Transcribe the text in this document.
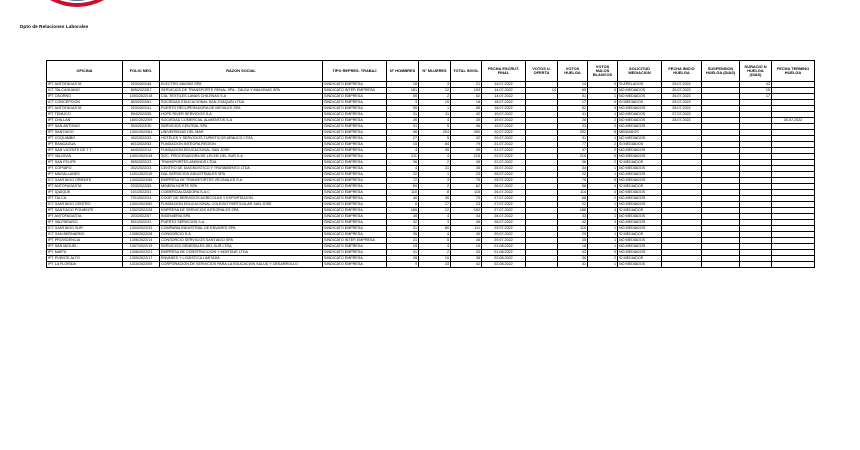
Dpto de Relaciones Laborales
OFICINA	FOLIO NEG.	RAZON SOCIAL	TIPO REPRES. TRABAJ	N° HOMBRES	N° MUJERES	TOTAL INVOL	FECHA ESCRUT. FINAL	VOTOS U. OFERTA	VOTOS HUELGA	VOTOS NULOS BLANCOS	SOLICITUD MEDIACION	FECHA INICIO HUELGA	SUSPENSION HUELGA (DIAS)	DURACIO N HUELGA (DIAS)	FECHA TERMINO HUELGA
IPT ANTOFAGASTA	203/2022/46	ELECTRO MAGNO SPA	SINDICATO EMPRESA	18	3	21	14.07.2022		14	0	SI APELADOS	25.07.2022		43	
ICT TALCAHUANO	805/2022/67	SERVICIOS DE TRANSPORTE RENAL SPA - ZALEA Y MALVINAS SPA	SINDICATO INTER EMPRESA	181	12	193	14.07.2022	10	65	0	NO MEDIADOS	25.07.2022		15	
IPT OSORNO	1003/2022/18	CIA. TEXTILES LANAS CHILENAS S.A	SINDICATO EMPRESA	50	2	52	14.07.2022		51	1	NO MEDIADOS	26.07.2022		17	
ICT CONCEPCION	803/2022/81	SOCIEDAD EDUCACIONAL SAN JOAQUIN LTDA	SINDICATO EMPRESA	3	15	18	18.07.2022		17	0	SI MEDIADOS	25.07.2022			
IPT ANTOFAGASTA	203/2022/41	PUERTO RECUPERADORA DE METALES SPA	SINDICATO EMPRESA	55	1	56	18.07.2022		52	4	NO MEDIADOS	28.07.2022			
IPT TEMUCO	904/2022/55	HOPE RIVER SERVICIOS S.A	SINDICATO EMPRESA	31	11	42	19.07.2022		41	1	NO MEDIADOS	27.07.2022			
IPT CHILLAN	1601/2022/09	SOCIEDAD COMERCIAL ALIMENTOS S.A	SINDICATO EMPRESA	26	4	30	19.07.2022		28	2	NO MEDIADOS	28.07.2022			30.07.2022
IPT SAN ANTONIO	503/2022/30	SERVICIOS CENTRAL SPA	SINDICATO EMPRESA	31	5	36	19.07.2022		33	3	NO MEDIADOS				
IPT SANTIAGO	1301/2022/61	UNIVERSIDAD DEL MAR	SINDICATO EMPRESA	96	204	300	20.07.2022		292	8	MEDIADOS				
IPT COQUIMBO	402/2022/33	HOTELES Y SERVICIOS TURISTICOS ARAUCO LTDA	SINDICATO EMPRESA	27	5	32	20.07.2022		31	1	NO MEDIADOS				
IPT RANCAGUA	601/2022/53	FUNDACION INTEGRA REGION	SINDICATO EMPRESA	15	64	79	21.07.2022		77	2	SI MEDIADOS				
IPT SAN VICENTE DE T T	604/2022/14	FUNDACION EDUCACIONAL SAN JOSE	SINDICATO EMPRESA	4	35	39	21.07.2022		37	2	NO MEDIADOS				
IPT VALDIVIA	1401/2022/18	SOC. PROCESADORA DE LECHE DEL SUR S.A	SINDICATO EMPRESA	211	4	215	22.07.2022		210	5	NO MEDIADOS				
IPT SAN FELIPE	505/2022/23	TRANSPORTES ANDINOS LTDA	SINDICATO EMPRESA	36	2	38	22.07.2022		36	2	SI MEDIADOS				
IPT COPIAPO	302/2022/23	CENTRO DE DIAGNOSTICO Y TRATAMIENTO LTDA	SINDICATO EMPRESA	4	31	35	25.07.2022		34	1	NO MEDIADOS				
IPT MAGALLANES	1201/2022/15	DAL SERVICIOS INDUSTRIALES SPA	SINDICATO EMPRESA	22	1	23	25.07.2022		22	1	NO MEDIADOS				
ICT SANTIAGO ORIENTE	1303/2022/55	EMPRESA DE TRANSPORTES VECINALES S.A	SINDICATO EMPRESA	72	3	75	25.07.2022		70	5	NO MEDIADOS				
IPT ANTOFAGASTA	203/2022/55	MINERA NORTE SPA	SINDICATO EMPRESA	60	2	62	26.07.2022		58	4	SI MEDIADOS				
IPT IQUIQUE	101/2022/31	COMERCIALIZADORA S.A.C	SINDICATO EMPRESA	110	8	118	26.07.2022		114	4	NO MEDIADOS				
IPT TALCA	701/2022/24	COOP. DE SERVICIOS AGRICOLAS Y EXPORTACION	SINDICATO EMPRESA	40	30	70	27.07.2022		68	2	NO MEDIADOS				
ICT SANTIAGO CENTRO	1301/2022/62	FUNDACION EDUCACIONAL COLEGIO PARTICULAR SAN JOSE	SINDICATO EMPRESA	6	17	23	27.07.2022		22	1	NO MEDIADOS				
IPT SANTIAGO PONIENTE	1302/2022/28	EMPRESA DE SERVICIOS INTEGRALES SPA	SINDICATO EMPRESA	180	12	192	27.07.2022		188	4	SI MEDIADOS				
IPT ANTOFAGASTA	203/2022/57	INGENIERIA SPA	SINDICATO EMPRESA	30	4	34	28.07.2022		33	1	NO MEDIADOS				
IPT VALPARAISO	501/2022/41	PUERTO SERVICIOS S.A	SINDICATO EMPRESA	42	3	45	28.07.2022		42	3	NO MEDIADOS				
ICT SANTIAGO SUR	1304/2022/33	COMPAÑIA INDUSTRIAL DE ENVASES SPA	SINDICATO EMPRESA	31	80	111	29.07.2022		110	1	NO MEDIADOS				
ICT SAN BERNARDO	1305/2022/28	CONSORCIO S.A	SINDICATO EMPRESA	26	4	30	29.07.2022		29	1	SI MEDIADOS				
IPT PROVIDENCIA	1306/2022/14	CONSORCIO SERVICIOS SANTIAGO SPA	SINDICATO INTER EMPRESA	31	5	36	29.07.2022		35	1	NO MEDIADOS				
IPT SAN MIGUEL	1307/2022/19	SERVICIOS GENERALES DEL SUR LTDA	SINDICATO EMPRESA	15	4	19	01.08.2022		18	1	NO MEDIADOS				
IPT MAIPU	1308/2022/21	EMPRESA DE CONSTRUCCION Y MONTAJE LTDA	SINDICATO EMPRESA	41	2	43	01.08.2022		43	0	NO MEDIADOS				
IPT PUENTE ALTO	1309/2022/17	ENVASES Y LOGISTICA LIMITADA	SINDICATO EMPRESA	28	10	38	02.08.2022		36	2	SI MEDIADOS				
IPT LA FLORIDA	1310/2022/09	CORPORACION DE SERVICIOS PARA LA EDUCACION SALUD Y DESARROLLO	SINDICATO EMPRESA	9	33	42	02.08.2022		41	1	NO MEDIADOS				
